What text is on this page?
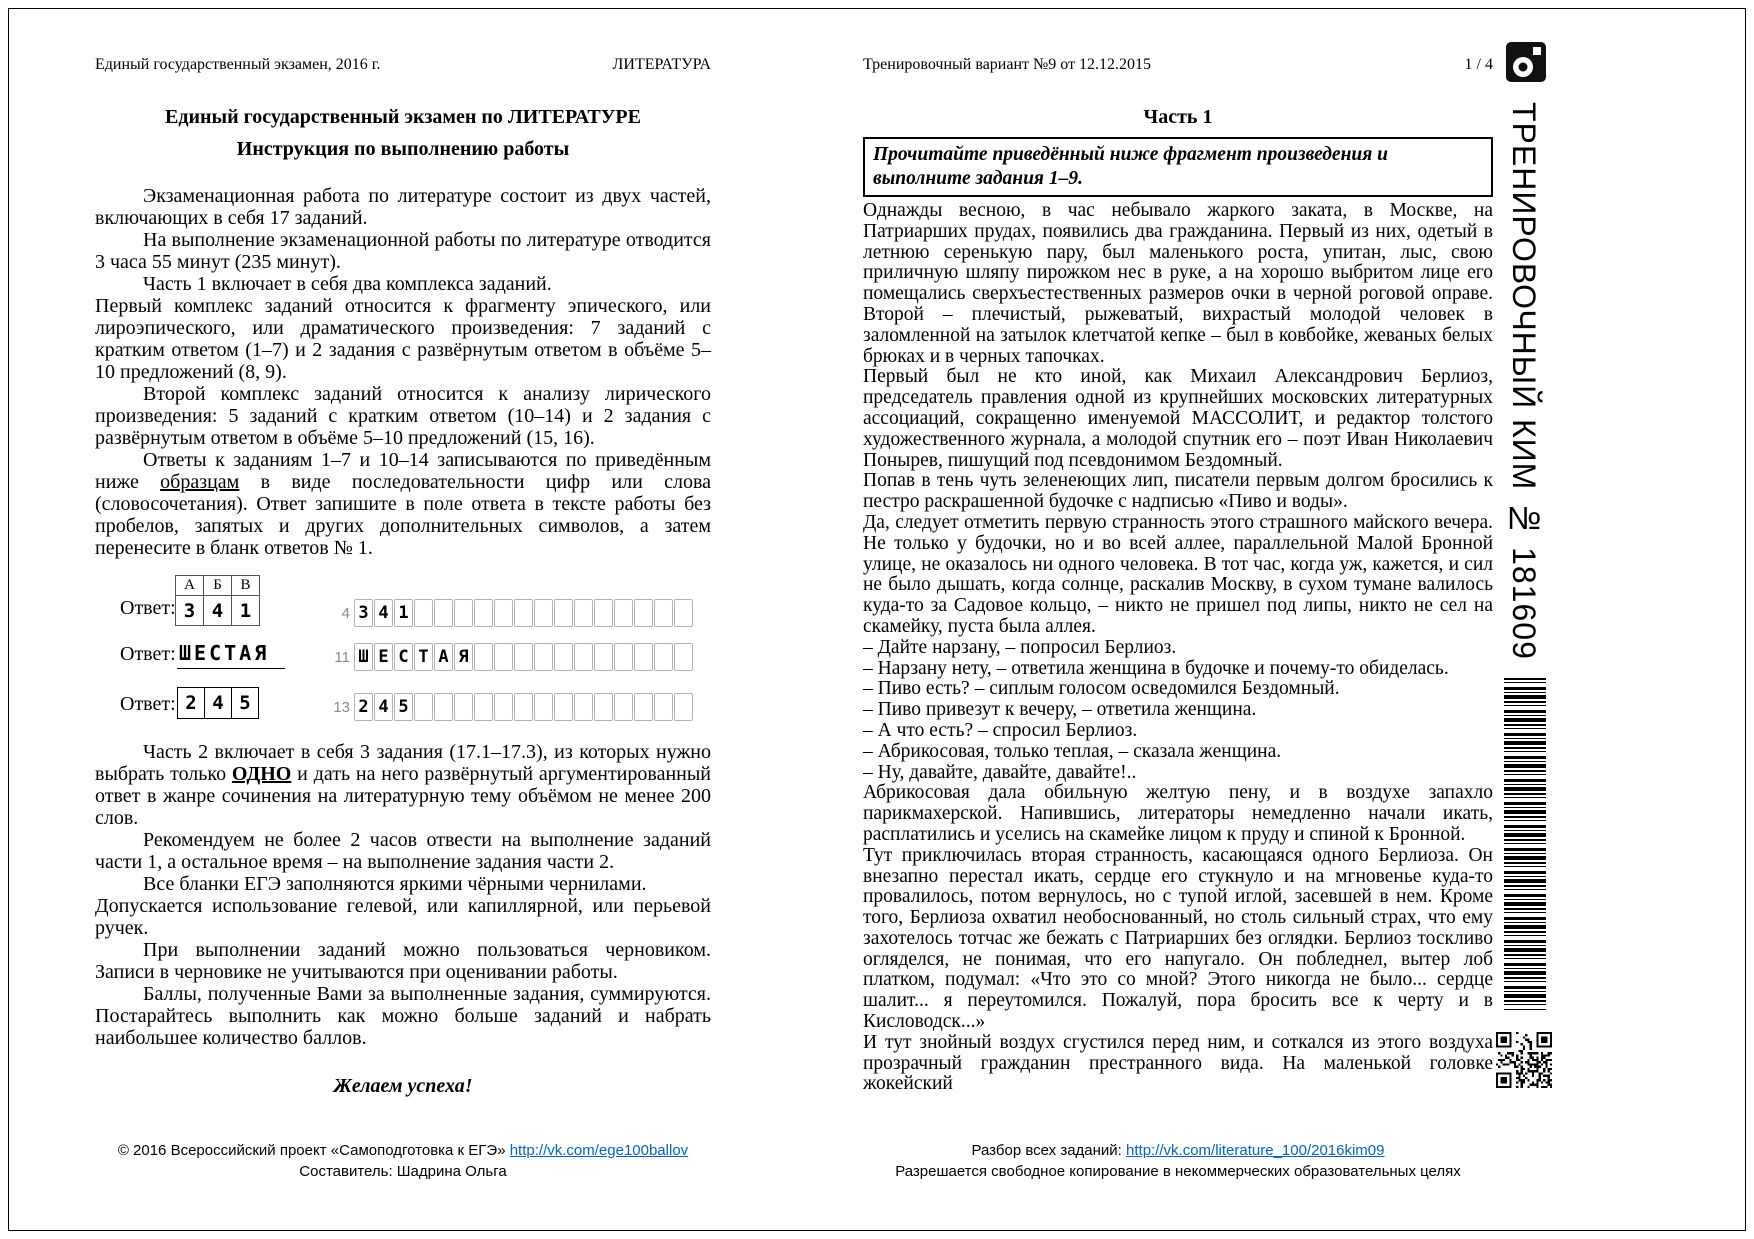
Единый государственный экзамен, 2016 г.	ЛИТЕРАТУРА
Единый государственный экзамен по ЛИТЕРАТУРЕ
Инструкция по выполнению работы

Экзаменационная работа по литературе состоит из двух частей, включающих в себя 17 заданий.

На выполнение экзаменационной работы по литературе отводится 3 часа 55 минут (235 минут).

Часть 1 включает в себя два комплекса заданий.

Первый комплекс заданий относится к фрагменту эпического, или лироэпического, или драматического произведения: 7 заданий с кратким ответом (1–7) и 2 задания с развёрнутым ответом в объёме 5–10 предложений (8, 9).

Второй комплекс заданий относится к анализу лирического произведения: 5 заданий с кратким ответом (10–14) и 2 задания с развёрнутым ответом в объёме 5–10 предложений (15, 16).

Ответы к заданиям 1–7 и 10–14 записываются по приведённым ниже образцам в виде последовательности цифр или слова (словосочетания). Ответ запишите в поле ответа в тексте работы без пробелов, запятых и других дополнительных символов, а затем перенесите в бланк ответов № 1.

Ответ:
А	Б	В
3	4	1	4 3 4 1
Ответ: ШЕСТАЯ	11 Ш Е С Т А Я
Ответ: 2 4 5	13 2 4 5

Часть 2 включает в себя 3 задания (17.1–17.3), из которых нужно выбрать только ОДНО и дать на него развёрнутый аргументированный ответ в жанре сочинения на литературную тему объёмом не менее 200 слов.

Рекомендуем не более 2 часов отвести на выполнение заданий части 1, а остальное время – на выполнение задания части 2.

Все бланки ЕГЭ заполняются яркими чёрными чернилами.

Допускается использование гелевой, или капиллярной, или перьевой ручек.

При выполнении заданий можно пользоваться черновиком. Записи в черновике не учитываются при оценивании работы.

Баллы, полученные Вами за выполненные задания, суммируются. Постарайтесь выполнить как можно больше заданий и набрать наибольшее количество баллов.

Желаем успеха!
Тренировочный вариант №9 от 12.12.2015	1 / 4
Часть 1
Прочитайте приведённый ниже фрагмент произведения и выполните задания 1–9.

Однажды весною, в час небывало жаркого заката, в Москве, на Патриарших прудах, появились два гражданина. Первый из них, одетый в летнюю серенькую пару, был маленького роста, упитан, лыс, свою приличную шляпу пирожком нес в руке, а на хорошо выбритом лице его помещались сверхъестественных размеров очки в черной роговой оправе. Второй – плечистый, рыжеватый, вихрастый молодой человек в заломленной на затылок клетчатой кепке – был в ковбойке, жеваных белых брюках и в черных тапочках.

Первый был не кто иной, как Михаил Александрович Берлиоз, председатель правления одной из крупнейших московских литературных ассоциаций, сокращенно именуемой МАССОЛИТ, и редактор толстого художественного журнала, а молодой спутник его – поэт Иван Николаевич Понырев, пишущий под псевдонимом Бездомный.

Попав в тень чуть зеленеющих лип, писатели первым долгом бросились к пестро раскрашенной будочке с надписью «Пиво и воды».

Да, следует отметить первую странность этого страшного майского вечера. Не только у будочки, но и во всей аллее, параллельной Малой Бронной улице, не оказалось ни одного человека. В тот час, когда уж, кажется, и сил не было дышать, когда солнце, раскалив Москву, в сухом тумане валилось куда-то за Садовое кольцо, – никто не пришел под липы, никто не сел на скамейку, пуста была аллея.

– Дайте нарзану, – попросил Берлиоз.

– Нарзану нету, – ответила женщина в будочке и почему-то обиделась.

– Пиво есть? – сиплым голосом осведомился Бездомный.

– Пиво привезут к вечеру, – ответила женщина.

– А что есть? – спросил Берлиоз.

– Абрикосовая, только теплая, – сказала женщина.

– Ну, давайте, давайте, давайте!..

Абрикосовая дала обильную желтую пену, и в воздухе запахло парикмахерской. Напившись, литераторы немедленно начали икать, расплатились и уселись на скамейке лицом к пруду и спиной к Бронной.

Тут приключилась вторая странность, касающаяся одного Берлиоза. Он внезапно перестал икать, сердце его стукнуло и на мгновенье куда-то провалилось, потом вернулось, но с тупой иглой, засевшей в нем. Кроме того, Берлиоза охватил необоснованный, но столь сильный страх, что ему захотелось тотчас же бежать с Патриарших без оглядки. Берлиоз тоскливо огляделся, не понимая, что его напугало. Он побледнел, вытер лоб платком, подумал: «Что это со мной? Этого никогда не было... сердце шалит... я переутомился. Пожалуй, пора бросить все к черту и в Кисловодск...»

И тут знойный воздух сгустился перед ним, и соткался из этого воздуха прозрачный гражданин престранного вида. На маленькой головке жокейский

© 2016 Всероссийский проект «Самоподготовка к ЕГЭ» http://vk.com/ege100ballov
Составитель: Шадрина Ольга
Разбор всех заданий: http://vk.com/literature_100/2016kim09
Разрешается свободное копирование в некоммерческих образовательных целях
ТРЕНИРОВОЧНЫЙ КИМ № 181609
